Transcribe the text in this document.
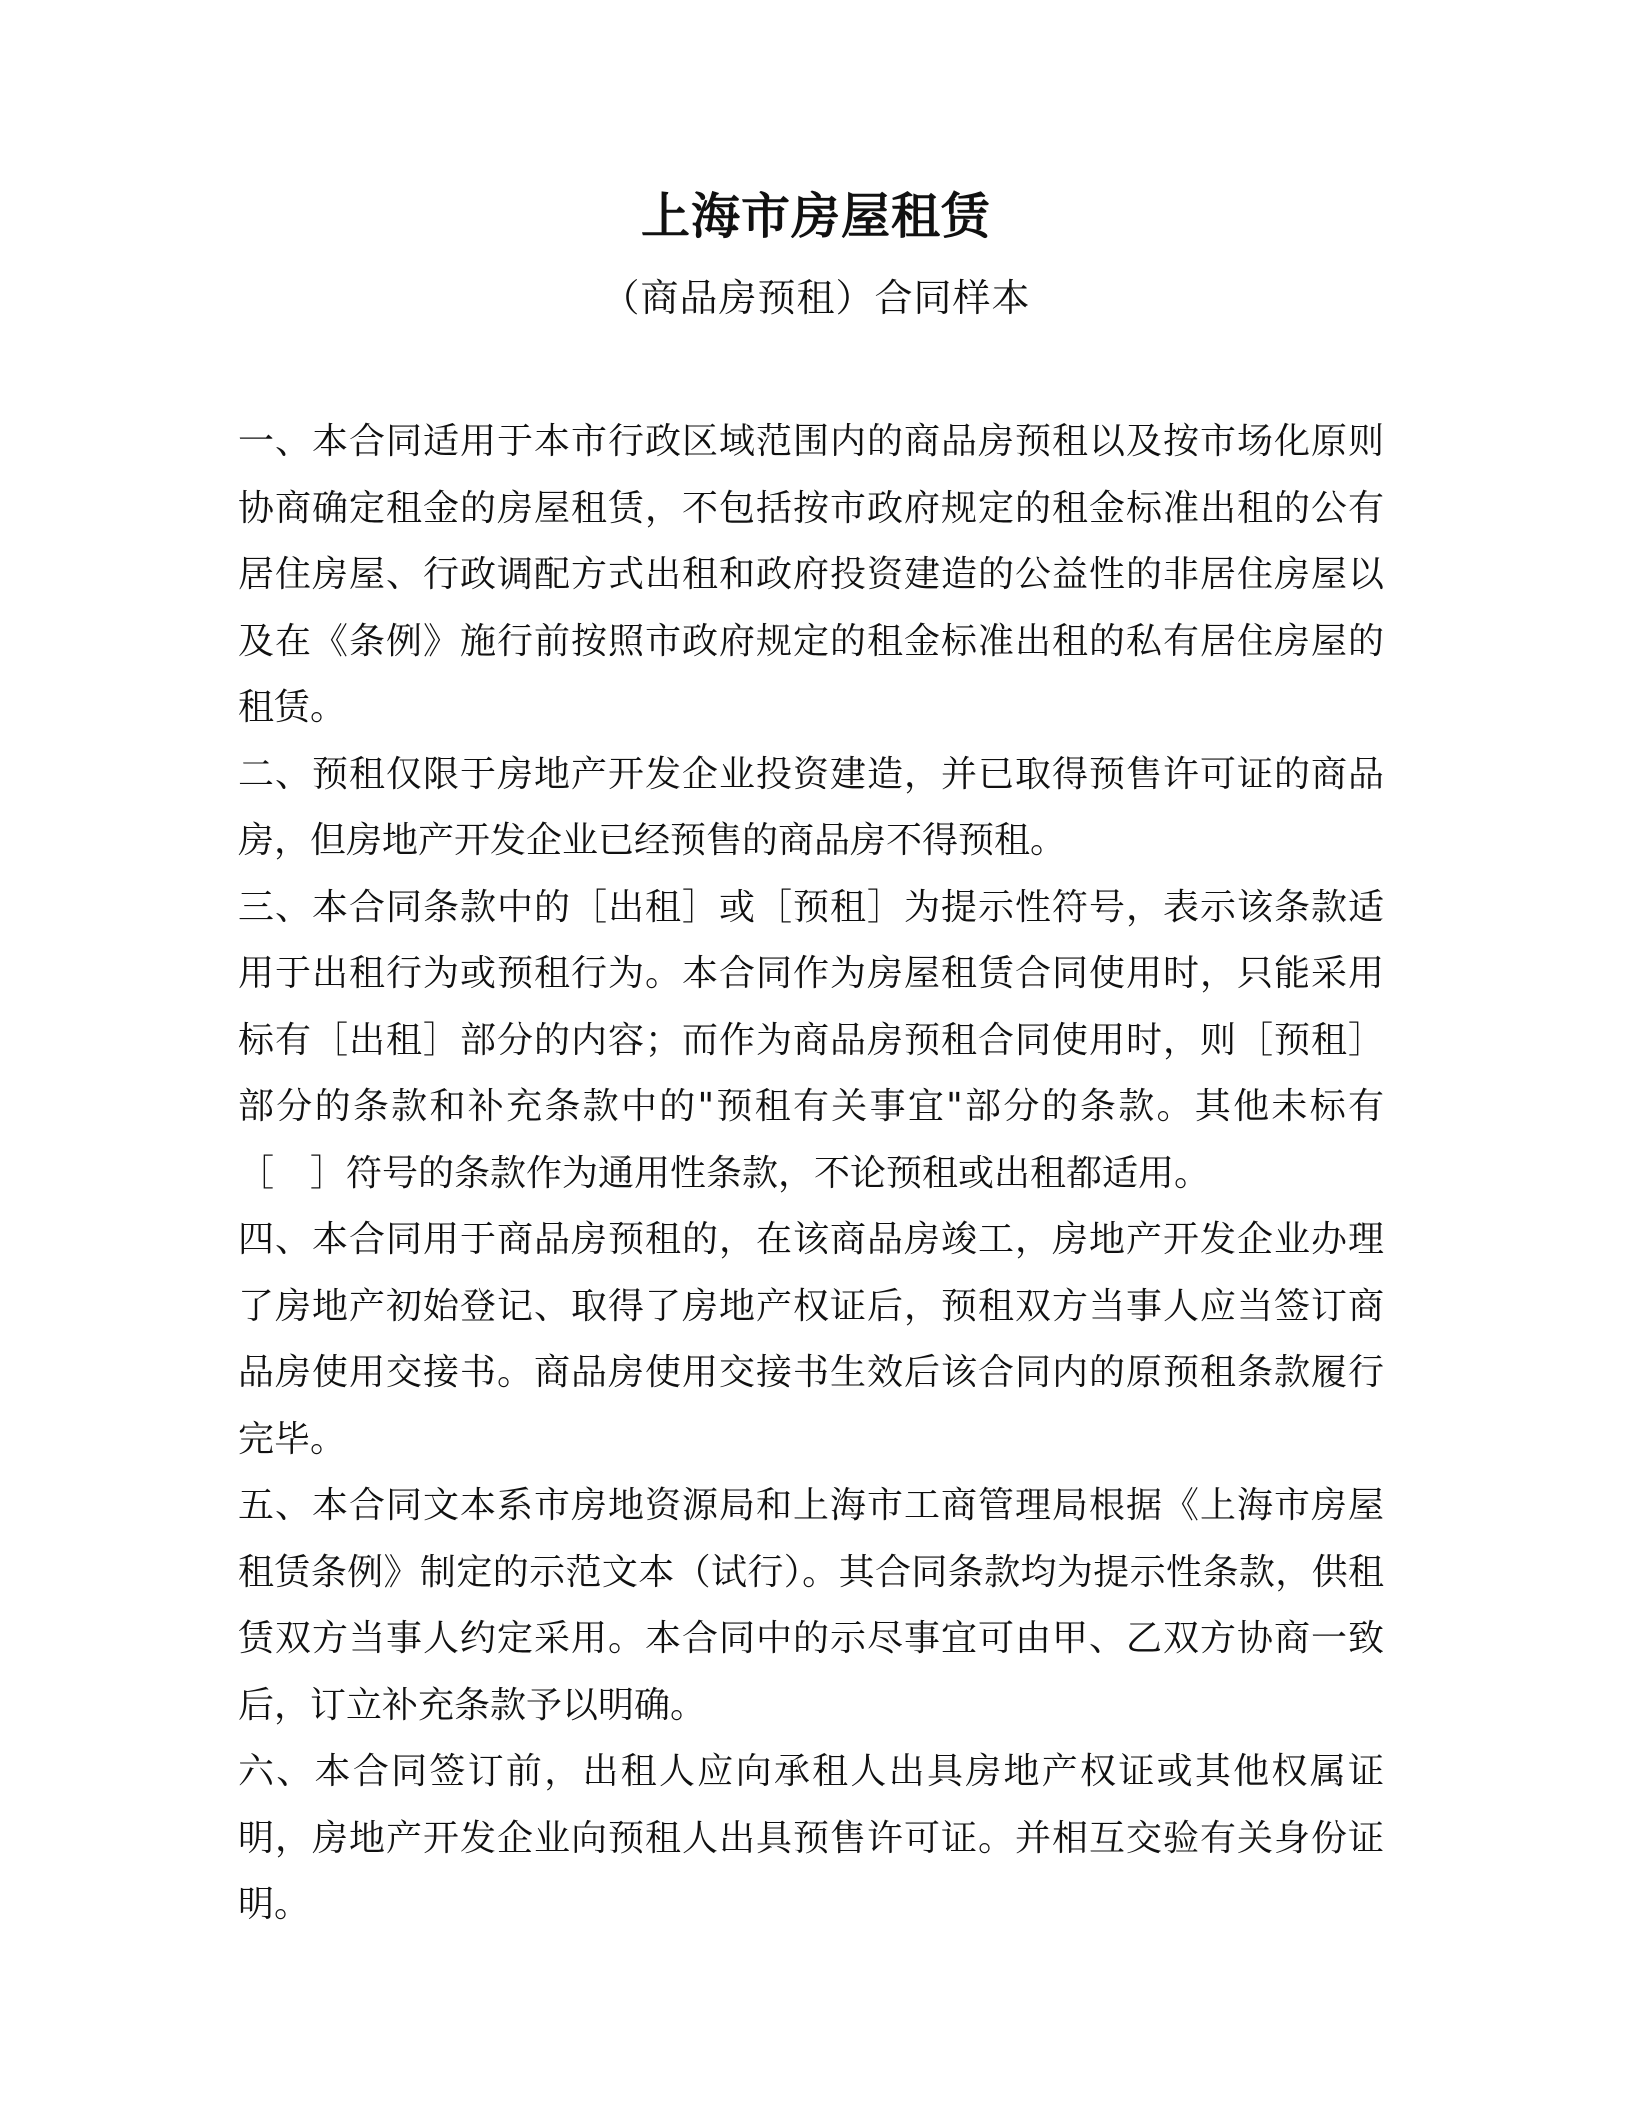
上海市房屋租赁
（商品房预租）合同样本

一、本合同适用于本市行政区域范围内的商品房预租以及按市场化原则协商确定租金的房屋租赁，不包括按市政府规定的租金标准出租的公有居住房屋、行政调配方式出租和政府投资建造的公益性的非居住房屋以及在《条例》施行前按照市政府规定的租金标准出租的私有居住房屋的租赁。

二、预租仅限于房地产开发企业投资建造，并已取得预售许可证的商品房，但房地产开发企业已经预售的商品房不得预租。

三、本合同条款中的［出租］或［预租］为提示性符号，表示该条款适用于出租行为或预租行为。本合同作为房屋租赁合同使用时，只能采用标有［出租］部分的内容；而作为商品房预租合同使用时，则［预租］部分的条款和补充条款中的"预租有关事宜"部分的条款。其他未标有［　］符号的条款作为通用性条款，不论预租或出租都适用。

四、本合同用于商品房预租的，在该商品房竣工，房地产开发企业办理了房地产初始登记、取得了房地产权证后，预租双方当事人应当签订商品房使用交接书。商品房使用交接书生效后该合同内的原预租条款履行完毕。

五、本合同文本系市房地资源局和上海市工商管理局根据《上海市房屋租赁条例》制定的示范文本（试行）。其合同条款均为提示性条款，供租赁双方当事人约定采用。本合同中的示尽事宜可由甲、乙双方协商一致后，订立补充条款予以明确。

六、本合同签订前，出租人应向承租人出具房地产权证或其他权属证明，房地产开发企业向预租人出具预售许可证。并相互交验有关身份证明。
